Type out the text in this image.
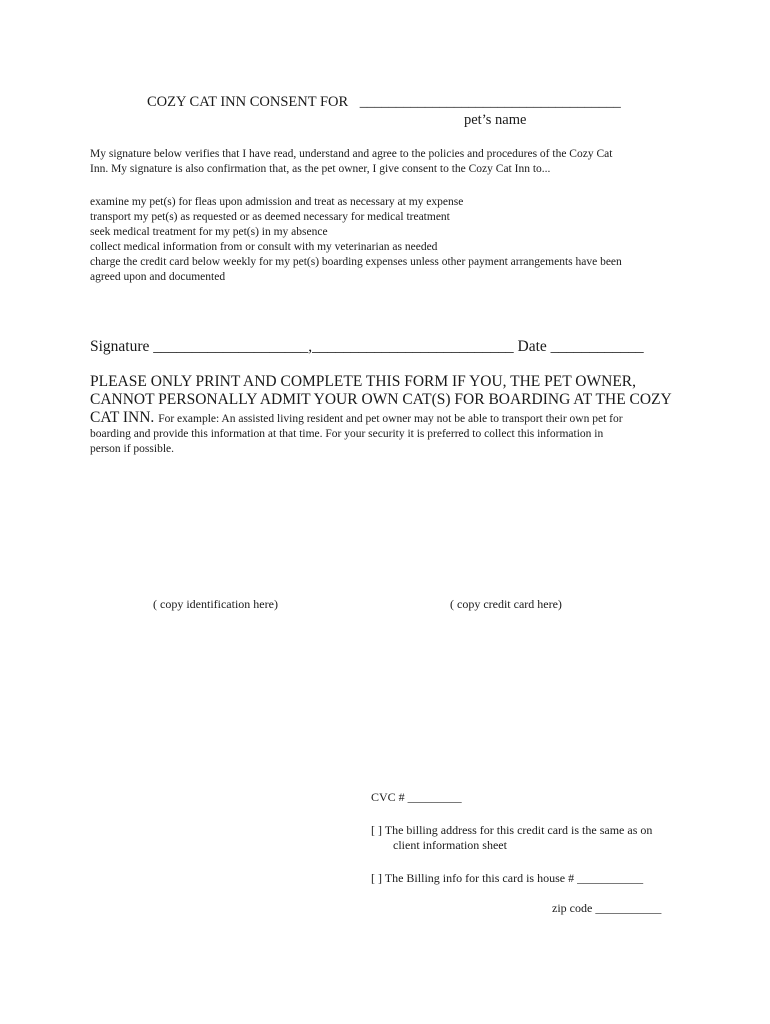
COZY CAT INN CONSENT FOR ____________________________________
pet’s name
My signature below verifies that I have read, understand and agree to the policies and procedures of the Cozy Cat
Inn. My signature is also confirmation that, as the pet owner, I give consent to the Cozy Cat Inn to...
examine my pet(s) for fleas upon admission and treat as necessary at my expense
transport my pet(s) as requested or as deemed necessary for medical treatment
seek medical treatment for my pet(s) in my absence
collect medical information from or consult with my veterinarian as needed
charge the credit card below weekly for my pet(s) boarding expenses unless other payment arrangements have been
agreed upon and documented
Signature ____________________,__________________________ Date ____________
PLEASE ONLY PRINT AND COMPLETE THIS FORM IF YOU, THE PET OWNER,
CANNOT PERSONALLY ADMIT YOUR OWN CAT(S) FOR BOARDING AT THE COZY
CAT INN. For example: An assisted living resident and pet owner may not be able to transport their own pet for
boarding and provide this information at that time. For your security it is preferred to collect this information in
person if possible.
( copy identification here)	( copy credit card here)
CVC # _________
[ ] The billing address for this credit card is the same as on
client information sheet
[ ] The Billing info for this card is house # ___________
zip code ___________
